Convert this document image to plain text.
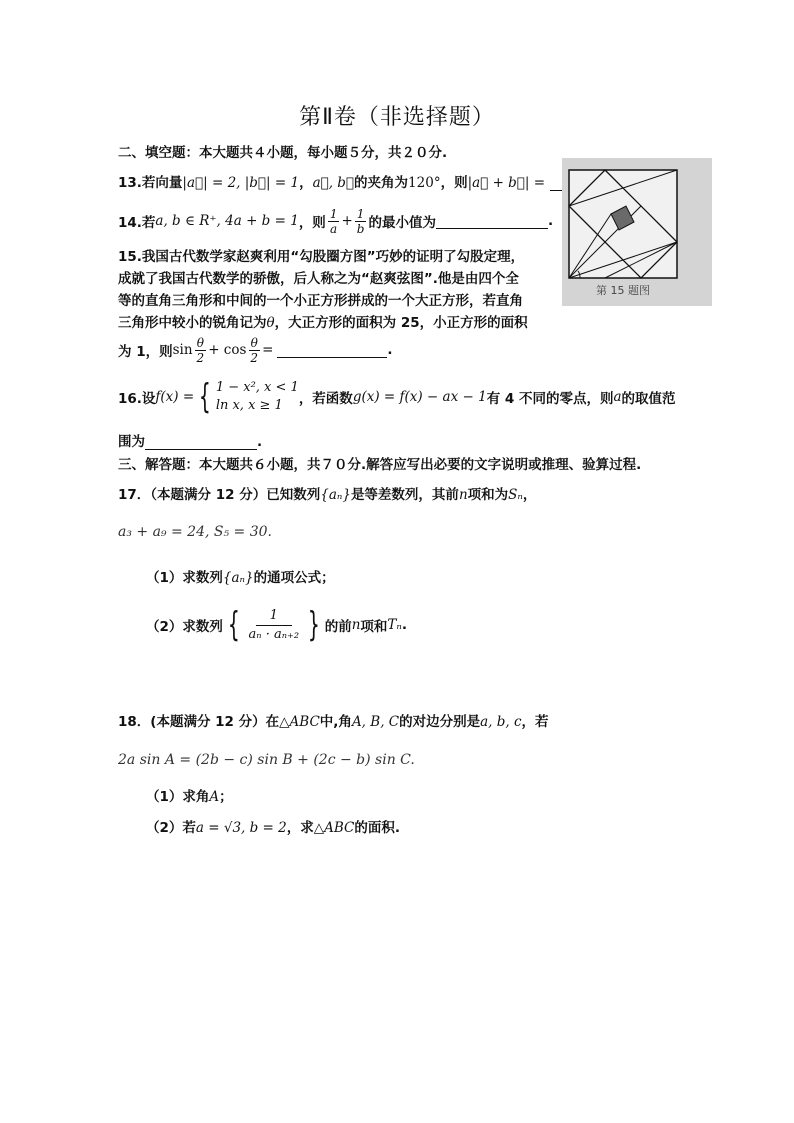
第Ⅱ卷（非选择题）
二、填空题：本大题共４小题，每小题５分，共２０分.
13.若向量|a⃗| = 2, |b⃗| = 1，a⃗, b⃗的夹角为120°，则|a⃗ + b⃗| =
14.若 a, b ∈ R⁺, 4a + b = 1 ，则 $\frac{1}{a} + \frac{1}{b}$ 的最小值为	.
15.我国古代数学家赵爽利用“勾股圈方图”巧妙的证明了勾股定理，
成就了我国古代数学的骄傲，后人称之为“赵爽弦图”.他是由四个全
等的直角三角形和中间的一个小正方形拼成的一个大正方形，若直角
三角形中较小的锐角记为θ，大正方形的面积为 25，小正方形的面积
为 1，则 $\sin \frac{\theta}{2} + \cos \frac{\theta}{2}$ =	.
第 15 题图
16.设 f(x) = { 1 − x², x < 1
ln x, x ≥ 1	，若函数 g(x) = f(x) − ax − 1 有 4 不同的零点，则 a 的取值范
围为	.
三、解答题：本大题共６小题，共７０分.解答应写出必要的文字说明或推理、验算过程.
17．（本题满分 12 分）已知数列{aₙ}是等差数列，其前n项和为Sₙ，
a₃ + a₉ = 24, S₅ = 30.
（1）求数列{aₙ}的通项公式；
（2）求数列 { $\frac{1}{\text{aₙ · aₙ₊₂}}$ } 的前 n 项和 Tₙ .
18．(本题满分 12 分）在△ABC中,角A, B, C的对边分别是a, b, c，若
2a sin A = (2b − c) sin B + (2c − b) sin C.
（1）求角A；
（2）若a = √3, b = 2，求△ABC的面积.
